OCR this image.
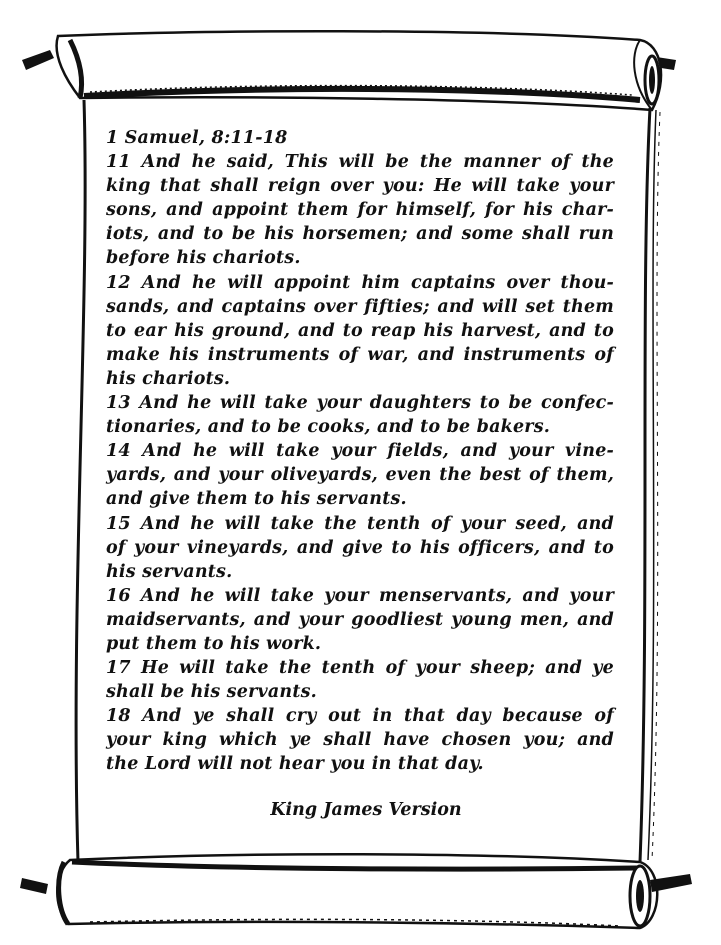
1 Samuel, 8:11-18
11 And he said, This will be the manner of the
king that shall reign over you: He will take your
sons, and appoint them for himself, for his char-
iots, and to be his horsemen; and some shall run
before his chariots.
12 And he will appoint him captains over thou-
sands, and captains over fifties; and will set them
to ear his ground, and to reap his harvest, and to
make his instruments of war, and instruments of
his chariots.
13 And he will take your daughters to be confec-
tionaries, and to be cooks, and to be bakers.
14 And he will take your fields, and your vine-
yards, and your oliveyards, even the best of them,
and give them to his servants.
15 And he will take the tenth of your seed, and
of your vineyards, and give to his officers, and to
his servants.
16 And he will take your menservants, and your
maidservants, and your goodliest young men, and
put them to his work.
17 He will take the tenth of your sheep; and ye
shall be his servants.
18 And ye shall cry out in that day because of
your king which ye shall have chosen you; and
the Lord will not hear you in that day.
King James Version
